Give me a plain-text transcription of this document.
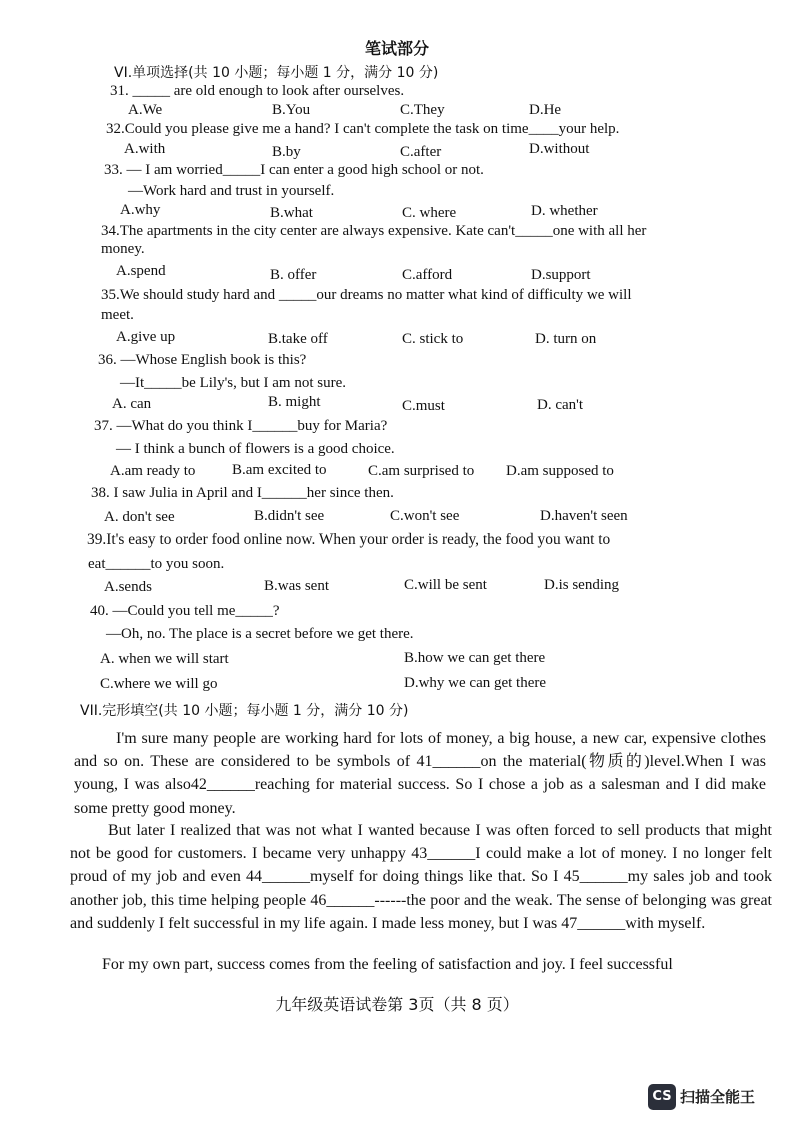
笔试部分
VI.单项选择(共 10 小题；每小题 1 分，满分 10 分)
31. _____ are old enough to look after ourselves.
A.We	B.You	C.They	D.He
32.Could you please give me a hand? I can't complete the task on time____your help.
A.with	B.by	C.after	D.without
33. — I am worried_____I can enter a good high school or not.
—Work hard and trust in yourself.
A.why	B.what	C. where	D. whether
34.The apartments in the city center are always expensive. Kate can't_____one with all her
money.
A.spend	B. offer	C.afford	D.support
35.We should study hard and _____our dreams no matter what kind of difficulty we will
meet.
A.give up	B.take off	C. stick to	D. turn on
36. —Whose English book is this?
—It_____be Lily's, but I am not sure.
A. can	B. might	C.must	D. can't
37. —What do you think I______buy for Maria?
— I think a bunch of flowers is a good choice.
A.am ready to B.am excited to	C.am surprised to D.am supposed to
38. I saw Julia in April and I______her since then.
A. don't see	B.didn't see	C.won't see	D.haven't seen
39.It's easy to order food online now. When your order is ready, the food you want to
eat______to you soon.
A.sends	B.was sent	C.will be sent	D.is sending
40. —Could you tell me_____?
—Oh, no. The place is a secret before we get there.
A. when we will start	B.how we can get there
C.where we will go	D.why we can get there
VII.完形填空(共 10 小题；每小题 1 分，满分 10 分)
I'm sure many people are working hard for lots of money, a big house, a new car, expensive clothes and so on. These are considered to be symbols of 41______on the material(物质的)level.When I was young, I was also42______reaching for material success. So I chose a job as a salesman and I did make some pretty good money.
But later I realized that was not what I wanted because I was often forced to sell products that might not be good for customers. I became very unhappy 43______I could make a lot of money. I no longer felt proud of my job and even 44______myself for doing things like that. So I 45______my sales job and took another job, this time helping people 46______------the poor and the weak. The sense of belonging was great and suddenly I felt successful in my life again. I made less money, but I was 47______with myself.
For my own part, success comes from the feeling of satisfaction and joy. I feel successful
九年级英语试卷第 3页（共 8 页）
CS 扫描全能王
